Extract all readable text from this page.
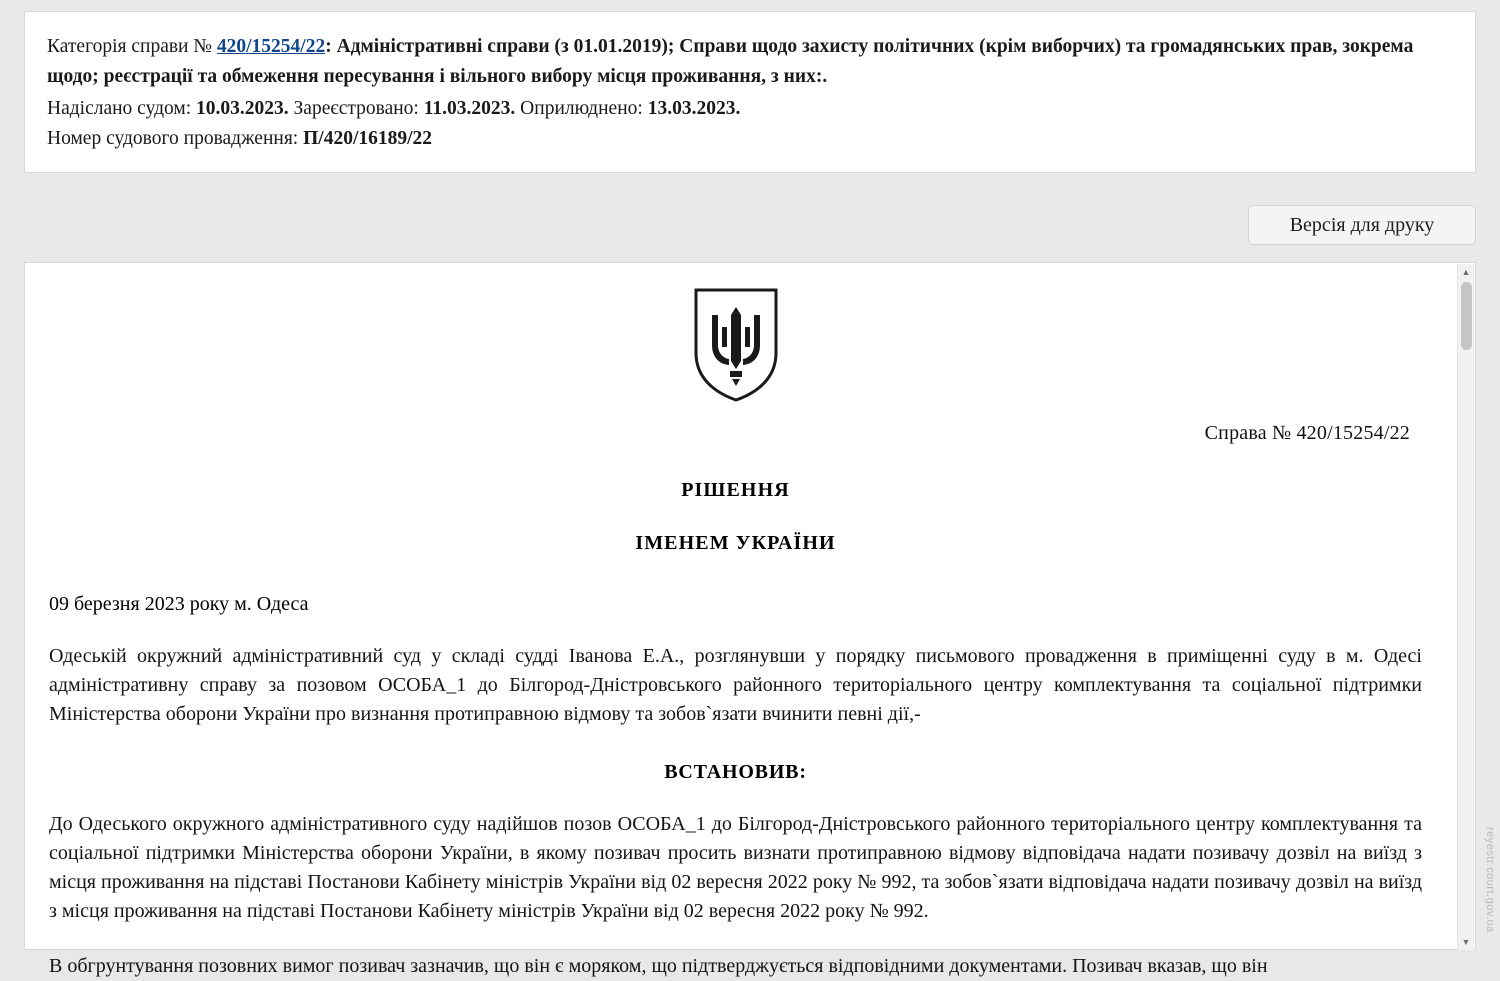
Категорія справи № 420/15254/22: Адміністративні справи (з 01.01.2019); Справи щодо захисту політичних (крім виборчих) та громадянських прав, зокрема щодо; реєстрації та обмеження пересування і вільного вибору місця проживання, з них:.
Надіслано судом: 10.03.2023. Зареєстровано: 11.03.2023. Оприлюднено: 13.03.2023.
Номер судового провадження: П/420/16189/22
Версія для друку
Справа № 420/15254/22
РІШЕННЯ
ІМЕНЕМ УКРАЇНИ
09 березня 2023 року м. Одеса

Одеській окружний адміністративний суд у складі судді Іванова Е.А., розглянувши у порядку письмового провадження в приміщенні суду в м. Одесі адміністративну справу за позовом ОСОБА_1 до Білгород-Дністровського районного територіального центру комплектування та соціальної підтримки Міністерства оборони України про визнання протиправною відмову та зобов`язати вчинити певні дії,-

ВСТАНОВИВ:

До Одеського окружного адміністративного суду надійшов позов ОСОБА_1 до Білгород-Дністровського районного територіального центру комплектування та соціальної підтримки Міністерства оборони України, в якому позивач просить визнати протиправною відмову відповідача надати позивачу дозвіл на виїзд з місця проживання на підставі Постанови Кабінету міністрів України від 02 вересня 2022 року № 992, та зобов`язати відповідача надати позивачу дозвіл на виїзд з місця проживання на підставі Постанови Кабінету міністрів України від 02 вересня 2022 року № 992.

В обгрунтування позовних вимог позивач зазначив, що він є моряком, що підтверджується відповідними документами. Позивач вказав, що він

▲
▼
reyestr.court.gov.ua
